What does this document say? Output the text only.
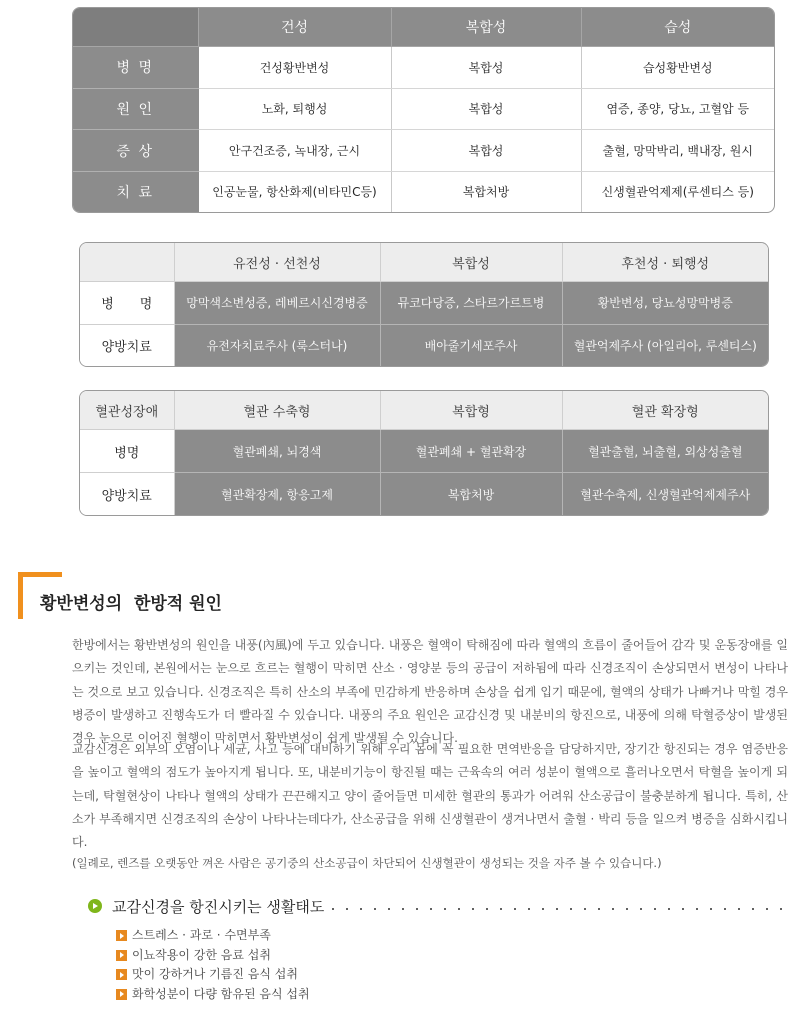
	건성	복합성	습성
병 명	건성황반변성	복합성	습성황반변성
원 인	노화, 퇴행성	복합성	염증, 종양, 당뇨, 고혈압 등
증 상	안구건조증, 녹내장, 근시	복합성	출혈, 망막박리, 백내장, 원시
치 료	인공눈물, 항산화제(비타민C등)	복합처방	신생혈관억제제(루센티스 등)
	유전성 · 선천성	복합성	후천성 · 퇴행성
병　　명	망막색소변성증, 레베르시신경병증	뮤코다당증, 스타르가르트병	황반변성, 당뇨성망막병증
양방치료	유전자치료주사 (룩스터나)	배아줄기세포주사	혈관억제주사 (아일리아, 루센티스)
혈관성장애	혈관 수축형	복합형	혈관 확장형
병명	혈관폐쇄, 뇌경색	혈관폐쇄 + 혈관확장	혈관출혈, 뇌출혈, 외상성출혈
양방치료	혈관확장제, 항응고제	복합처방	혈관수축제, 신생혈관억제제주사
황반변성의  한방적 원인

한방에서는 황반변성의 원인을 내풍(內風)에 두고 있습니다. 내풍은 혈액이 탁해짐에 따라 혈액의 흐름이 줄어들어 감각 및 운동장애를 일으키는 것인데, 본원에서는 눈으로 흐르는 혈행이 막히면 산소 · 영양분 등의 공급이 저하됨에 따라 신경조직이 손상되면서 변성이 나타나는 것으로 보고 있습니다. 신경조직은 특히 산소의 부족에 민감하게 반응하며 손상을 쉽게 입기 때문에, 혈액의 상태가 나빠거나 막힐 경우 병증이 발생하고 진행속도가 더 빨라질 수 있습니다. 내풍의 주요 원인은 교감신경 및 내분비의 항진으로, 내풍에 의해 탁혈증상이 발생된 경우 눈으로 이어진 혈행이 막히면서 황반변성이 쉽게 발생될 수 있습니다.

교감신경은 외부의 오염이나 세균, 사고 등에 대비하기 위해 우리 몸에 꼭 필요한 면역반응을 담당하지만, 장기간 항진되는 경우 염증반응을 높이고 혈액의 점도가 높아지게 됩니다. 또, 내분비기능이 항진될 때는 근육속의 여러 성분이 혈액으로 흘러나오면서 탁혈을 높이게 되는데, 탁혈현상이 나타나 혈액의 상태가 끈끈해지고 양이 줄어들면 미세한 혈관의 통과가 어려워 산소공급이 불충분하게 됩니다. 특히, 산소가 부족해지면 신경조직의 손상이 나타나는데다가, 산소공급을 위해 신생혈관이 생겨나면서 출혈 · 박리 등을 일으켜 병증을 심화시킵니다.

(일례로, 렌즈를 오랫동안 껴온 사람은 공기중의 산소공급이 차단되어 신생혈관이 생성되는 것을 자주 볼 수 있습니다.)
교감신경을 항진시키는 생활태도
스트레스 · 과로 · 수면부족
이뇨작용이 강한 음료 섭취
맛이 강하거나 기름진 음식 섭취
화학성분이 다량 함유된 음식 섭취
